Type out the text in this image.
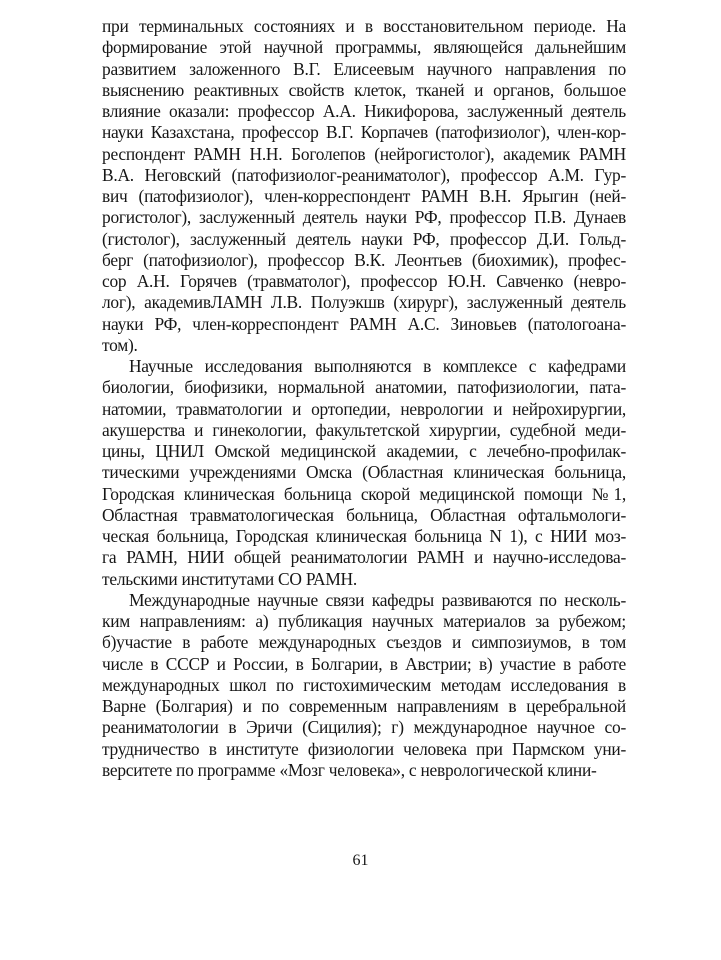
при терминальных состояниях и в восстановительном периоде. На
формирование этой научной программы, являющейся дальнейшим
развитием заложенного В.Г. Елисеевым научного направления по
выяснению реактивных свойств клеток, тканей и органов, большое
влияние оказали: профессор А.А. Никифорова, заслуженный деятель
науки Казахстана, профессор В.Г. Корпачев (патофизиолог), член-кор-
респондент РАМН Н.Н. Боголепов (нейрогистолог), академик РАМН
В.А. Неговский (патофизиолог-реаниматолог), профессор А.М. Гур-
вич (патофизиолог), член-корреспондент РАМН В.Н. Ярыгин (ней-
рогистолог), заслуженный деятель науки РФ, профессор П.В. Дунаев
(гистолог), заслуженный деятель науки РФ, профессор Д.И. Гольд-
берг (патофизиолог), профессор В.К. Леонтьев (биохимик), профес-
сор А.Н. Горячев (травматолог), профессор Ю.Н. Савченко (невро-
лог), академивЛАМН Л.В. Полуэкшв (хирург), заслуженный деятель
науки РФ, член-корреспондент РАМН А.С. Зиновьев (патологоана-
том).
Научные исследования выполняются в комплексе с кафедрами
биологии, биофизики, нормальной анатомии, патофизиологии, пата-
натомии, травматологии и ортопедии, неврологии и нейрохирургии,
акушерства и гинекологии, факультетской хирургии, судебной меди-
цины, ЦНИЛ Омской медицинской академии, с лечебно-профилак-
тическими учреждениями Омска (Областная клиническая больница,
Городская клиническая больница скорой медицинской помощи №1,
Областная травматологическая больница, Областная офтальмологи-
ческая больница, Городская клиническая больница N 1), с НИИ моз-
га РАМН, НИИ общей реаниматологии РАМН и научно-исследова-
тельскими институтами СО РАМН.
Международные научные связи кафедры развиваются по несколь-
ким направлениям: а) публикация научных материалов за рубежом;
б)участие в работе международных съездов и симпозиумов, в том
числе в СССР и России, в Болгарии, в Австрии; в) участие в работе
международных школ по гистохимическим методам исследования в
Варне (Болгария) и по современным направлениям в церебральной
реаниматологии в Эричи (Сицилия); г) международное научное со-
трудничество в институте физиологии человека при Пармском уни-
верситете по программе «Мозг человека», с неврологической клини-
61
